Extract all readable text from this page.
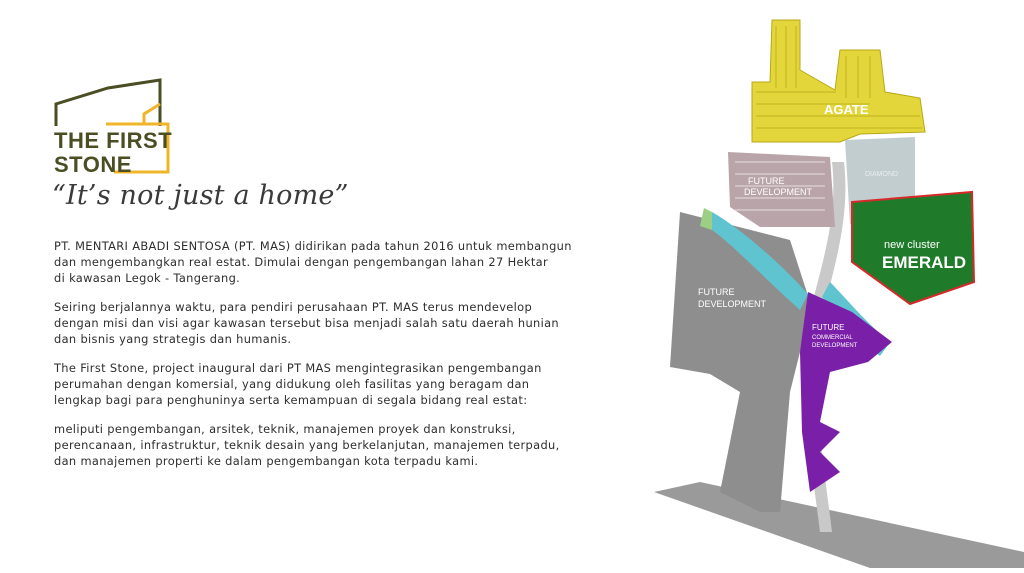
THE FIRST
STONE
“It’s not just a home”

PT. MENTARI ABADI SENTOSA (PT. MAS) didirikan pada tahun 2016 untuk membangun
dan mengembangkan real estat. Dimulai dengan pengembangan lahan 27 Hektar
di kawasan Legok - Tangerang.

Seiring berjalannya waktu, para pendiri perusahaan PT. MAS terus mendevelop
dengan misi dan visi agar kawasan tersebut bisa menjadi salah satu daerah hunian
dan bisnis yang strategis dan humanis.

The First Stone, project inaugural dari PT MAS mengintegrasikan pengembangan
perumahan dengan komersial, yang didukung oleh fasilitas yang beragam dan
lengkap bagi para penghuninya serta kemampuan di segala bidang real estat:

meliputi pengembangan, arsitek, teknik, manajemen proyek dan konstruksi,
perencanaan, infrastruktur, teknik desain yang berkelanjutan, manajemen terpadu,
dan manajemen properti ke dalam pengembangan kota terpadu kami.

AGATE
DIAMOND
FUTURE
DEVELOPMENT
FUTURE
DEVELOPMENT
FUTURE
COMMERCIAL
DEVELOPMENT
new cluster
EMERALD
